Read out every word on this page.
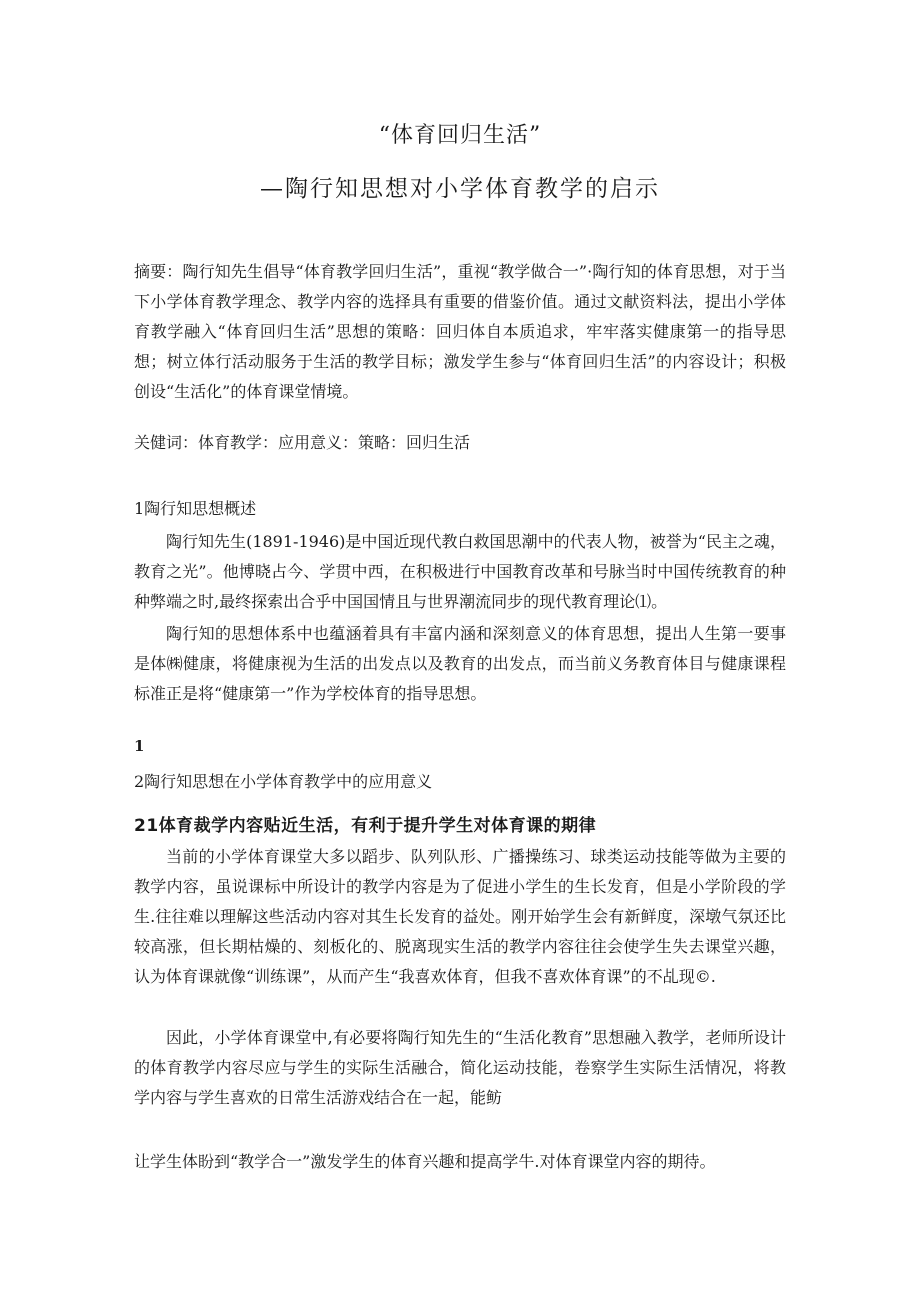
“体育回归生活”
—陶行知思想对小学体育教学的启示

摘要：陶行知先生倡导“体育教学回归生活”，重视“教学做合一”·陶行知的体育思想，对于当下小学体育教学理念、教学内容的选择具有重要的借鉴价值。通过文献资料法，提出小学体育教学融入“体育回归生活”思想的策略：回归体自本质追求，牢牢落实健康第一的指导思想；树立体行活动服务于生活的教学目标；激发学生参与“体育回归生活”的内容设计；积极创设“生活化”的体育课堂情境。

关健词：体育教学：应用意义：策略：回归生活

1陶行知思想概述

陶行知先生(1891-1946)是中国近现代教白救国思潮中的代表人物，被誉为“民主之魂，教育之光”。他博晓占今、学贯中西，在积极进行中国教育改革和号脉当时中国传统教育的种种弊端之时,最终探索出合乎中国国情且与世界潮流同步的现代教育理论⑴。

陶行知的思想体系中也蕴涵着具有丰富内涵和深刻意义的体育思想，提出人生第一要事是体㈱健康，将健康视为生活的出发点以及教育的出发点，而当前义务教育体目与健康课程标准正是将“健康第一”作为学校体育的指导思想。

1

2陶行知思想在小学体育教学中的应用意义

21体育裁学内容贴近生活，有利于提升学生对体育课的期律

当前的小学体育课堂大多以蹈步、队列队形、广播操练习、球类运动技能等做为主要的教学内容，虽说课标中所设计的教学内容是为了促进小学生的生长发育，但是小学阶段的学生.往往难以理解这些活动内容对其生长发育的益处。刚开始学生会有新鲜度，深墩气氛还比较高涨，但长期枯燥的、刻板化的、脱离现实生活的教学内容往往会使学生失去课堂兴趣，认为体育课就像“训练课”，从而产生“我喜欢体育，但我不喜欢体育课”的不乩现©.

因此，小学体育课堂中,有必要将陶行知先生的“生活化教育”思想融入教学，老师所设计的体育教学内容尽应与学生的实际生活融合，简化运动技能，卷察学生实际生活情况，将教学内容与学生喜欢的日常生活游戏结合在一起，能鲂

让学生体盼到“教学合一”激发学生的体育兴趣和提高学牛.对体育课堂内容的期待。
